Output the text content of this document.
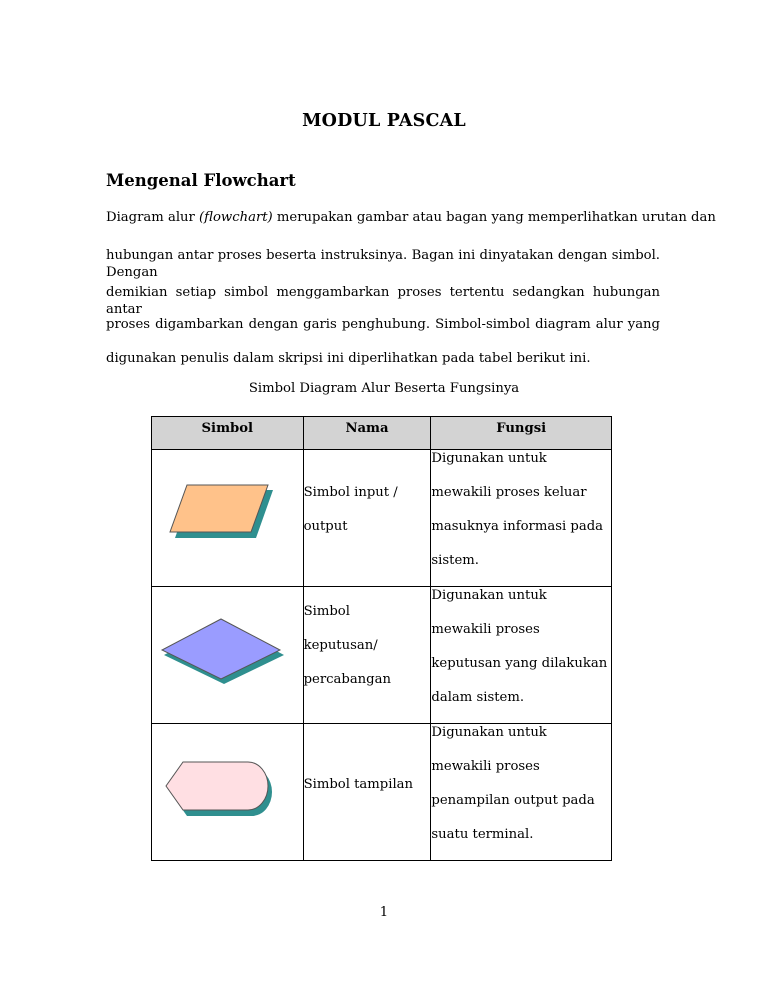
MODUL PASCAL
Mengenal Flowchart
Diagram alur (flowchart) merupakan gambar atau bagan yang memperlihatkan urutan dan
hubungan antar proses beserta instruksinya. Bagan ini dinyatakan dengan simbol. Dengan
demikian setiap simbol menggambarkan proses tertentu sedangkan hubungan antar
proses digambarkan dengan garis penghubung. Simbol-simbol diagram alur yang
digunakan penulis dalam skripsi ini diperlihatkan pada tabel berikut ini.
Simbol Diagram Alur Beserta Fungsinya
Simbol	Nama	Fungsi

Simbol input /
output	Digunakan untuk
mewakili proses keluar
masuknya informasi pada
sistem.

Simbol
keputusan/
percabangan	Digunakan untuk
mewakili proses
keputusan yang dilakukan
dalam sistem.

Simbol tampilan	Digunakan untuk
mewakili proses
penampilan output pada
suatu terminal.
1
